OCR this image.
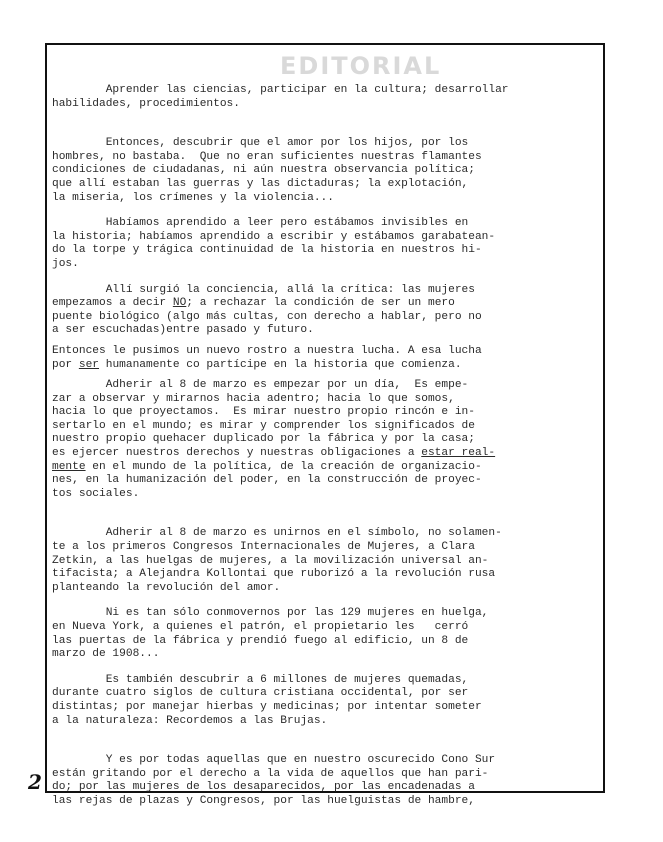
EDITORIAL
Aprender las ciencias, participar en la cultura; desarrollar
habilidades, procedimientos.
Entonces, descubrir que el amor por los hijos, por los
hombres, no bastaba.  Que no eran suficientes nuestras flamantes
condiciones de ciudadanas, ni aún nuestra observancia política;
que allí estaban las guerras y las dictaduras; la explotación,
la miseria, los crímenes y la violencia...
Habíamos aprendido a leer pero estábamos invisibles en
la historia; habíamos aprendido a escribir y estábamos garabatean-
do la torpe y trágica continuidad de la historia en nuestros hi-
jos.
Allí surgió la conciencia, allá la crítica: las mujeres
empezamos a decir NO; a rechazar la condición de ser un mero
puente biológico (algo más cultas, con derecho a hablar, pero no
a ser escuchadas)entre pasado y futuro.
Entonces le pusimos un nuevo rostro a nuestra lucha. A esa lucha
por ser humanamente co partícipe en la historia que comienza.
Adherir al 8 de marzo es empezar por un día,  Es empe-
zar a observar y mirarnos hacia adentro; hacia lo que somos,
hacia lo que proyectamos.  Es mirar nuestro propio rincón e in-
sertarlo en el mundo; es mirar y comprender los significados de
nuestro propio quehacer duplicado por la fábrica y por la casa;
es ejercer nuestros derechos y nuestras obligaciones a estar real-
mente en el mundo de la política, de la creación de organizacio-
nes, en la humanización del poder, en la construcción de proyec-
tos sociales.
Adherir al 8 de marzo es unirnos en el símbolo, no solamen-
te a los primeros Congresos Internacionales de Mujeres, a Clara
Zetkin, a las huelgas de mujeres, a la movilización universal an-
tifacista; a Alejandra Kollontai que ruborizó a la revolución rusa
planteando la revolución del amor.
Ni es tan sólo conmovernos por las 129 mujeres en huelga,
en Nueva York, a quienes el patrón, el propietario les   cerró
las puertas de la fábrica y prendió fuego al edificio, un 8 de
marzo de 1908...
Es también descubrir a 6 millones de mujeres quemadas,
durante cuatro siglos de cultura cristiana occidental, por ser
distintas; por manejar hierbas y medicinas; por intentar someter
a la naturaleza: Recordemos a las Brujas.
Y es por todas aquellas que en nuestro oscurecido Cono Sur
están gritando por el derecho a la vida de aquellos que han pari-
do; por las mujeres de los desaparecidos, por las encadenadas a
las rejas de plazas y Congresos, por las huelguistas de hambre,
2
